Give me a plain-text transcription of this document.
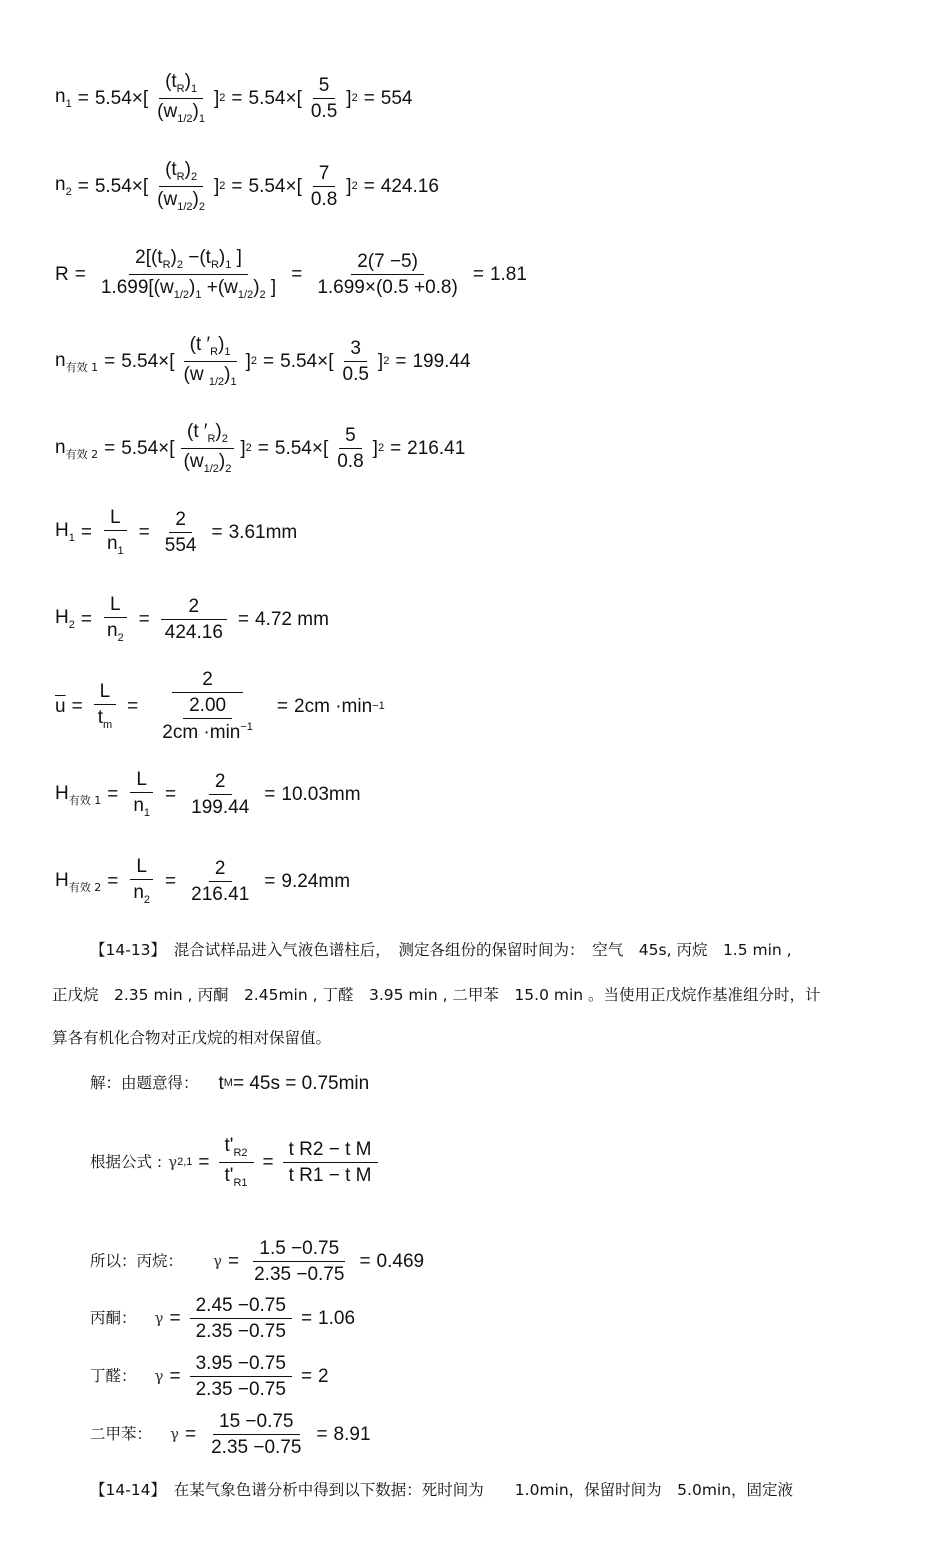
$n_1 = 5.54$ ×[ $\frac{(t_R)_1}{(w_{1/2})_1}$ ] 2 = 5.54 ×[ $\frac{5}{0.5}$ ] 2 = 554
$n_2 = 5.54$ ×[ $\frac{(t_R)_2}{(w_{1/2})_2}$ ] 2 = 5.54 ×[ $\frac{7}{0.8}$ ] 2 = 424.16
$R = \frac{2[(t_R)_2 -(t_R)_1 ]}{1.699[(w_{1/2})_1 +(w_{1/2})_2 ]} = \frac{2(7 -5)}{1.699\times(0.5 +0.8)} = 1.81$
$n_{有效 1} = 5.54$ ×[ $\frac{(t '_R)_1}{(w _{1/2})_1}$ ] 2 = 5.54 ×[ $\frac{3}{0.5}$ ] 2 = 199.44
$n_{有效 2} = 5.54$ ×[ $\frac{(t '_R)_2}{(w_{1/2})_2}$ ] 2 = 5.54 ×[ $\frac{5}{0.8}$ ] 2 = 216.41
$H_1 = \frac{L}{n_1} = \frac{2}{554} = 3.61mm$
$H_2 = \frac{L}{n_2} = \frac{2}{424.16} = 4.72$ mm
$\overline{u} = \frac{L}{t_m} = \frac{2}{\frac{2.00}{2cm \cdot\min^{-1}}} = 2cm \cdot\min -1$
$H_{有效 1} = \frac{L}{n_1} = \frac{2}{199.44} = 10.03mm$
$H_{有效 2} = \frac{L}{n_2} = \frac{2}{216.41} = 9.24mm$
【14-13】　混合试样品进入气液色谱柱后，　测定各组份的保留时间为：　空气　45s, 丙烷　1.5 min ,
正戊烷　2.35 min , 丙酮　2.45min , 丁醛　3.95 min , 二甲苯　15.0 min 。当使用正戊烷作基准组分时，计
算各有机化合物对正戊烷的相对保留值。
解：由题意得： t M = 45s = 0.75min
根据公式 : γ $2,1 = \frac{t'_{R2}}{t'_{R1}} = \frac{\text{t R2 − t M}}{\text{t R1 − t M}}$
所以：丙烷： $\gamma = \frac{1.5 -0.75}{2.35 -0.75} = 0.469$
丙酮： $\gamma = \frac{2.45 -0.75}{2.35 -0.75} = 1.06$
丁醛： $\gamma = \frac{3.95 -0.75}{2.35 -0.75} = 2$
二甲苯： $\gamma = \frac{15 -0.75}{2.35 -0.75} = 8.91$
【14-14】　在某气象色谱分析中得到以下数据：死时间为　　1.0min，保留时间为　5.0min，固定液
